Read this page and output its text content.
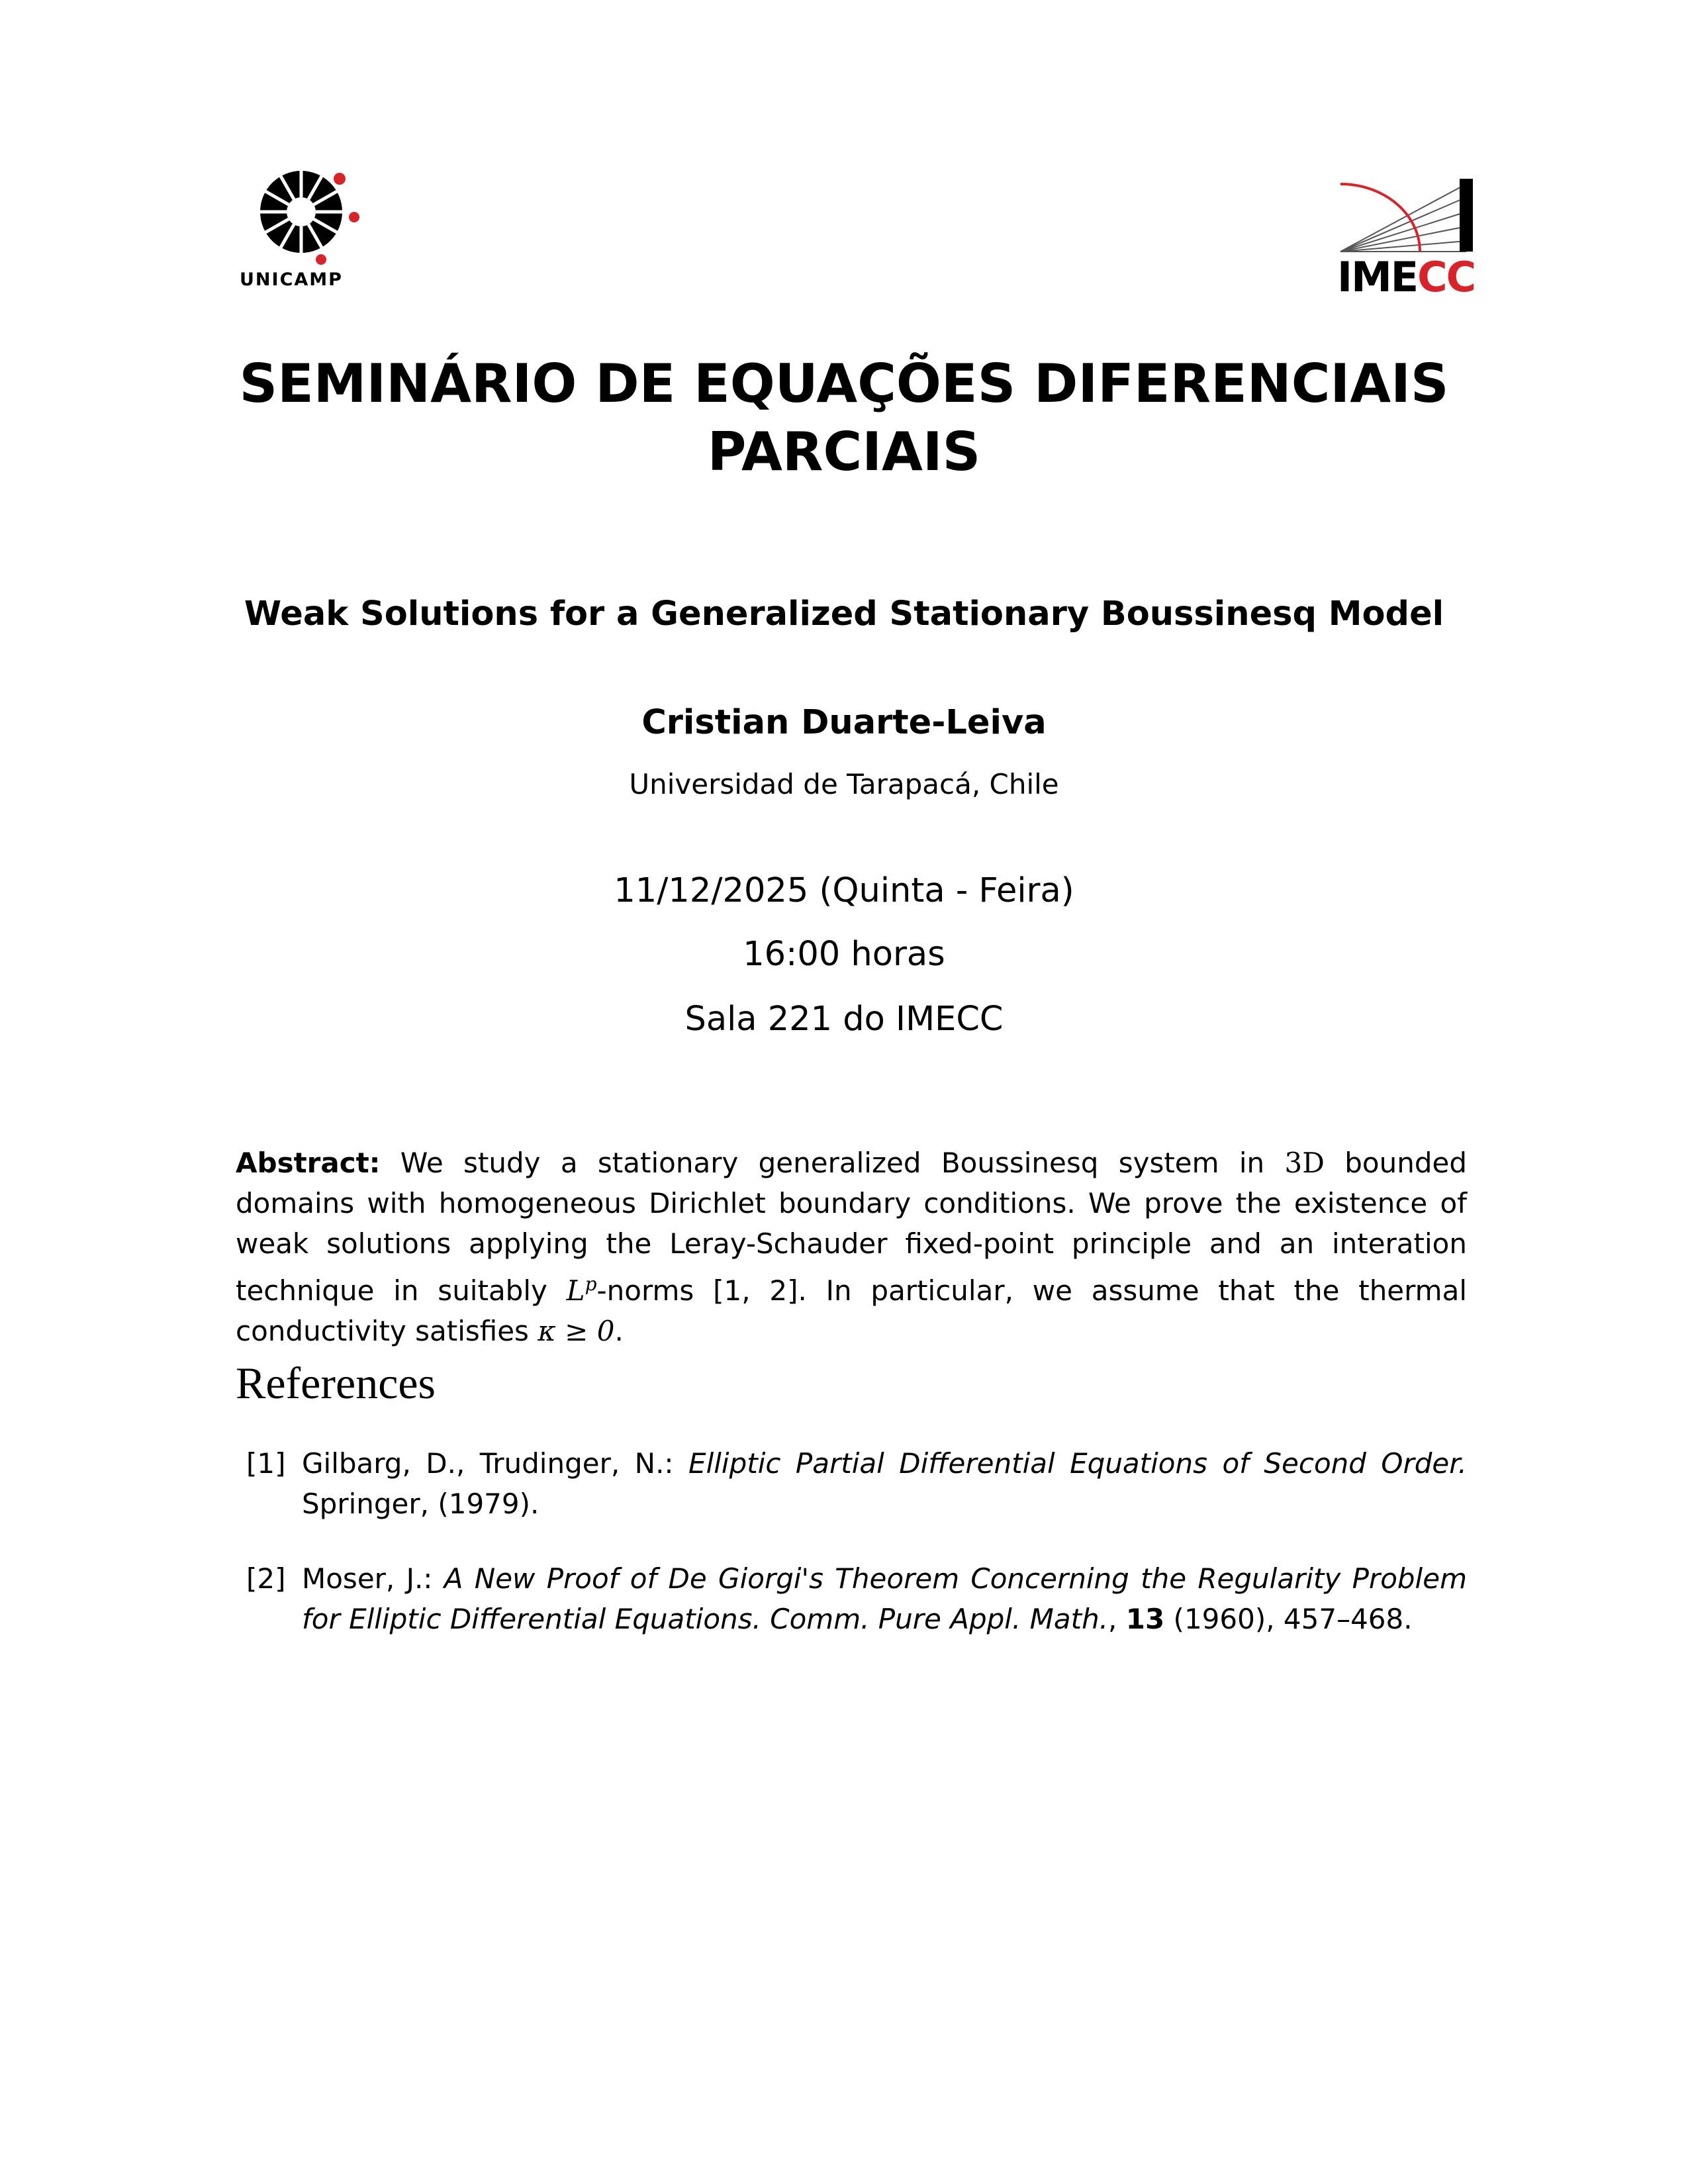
UNICAMP	IMECC
SEMINÁRIO DE EQUAÇÕES DIFERENCIAIS
PARCIAIS
Weak Solutions for a Generalized Stationary Boussinesq Model
Cristian Duarte-Leiva
Universidad de Tarapacá, Chile
11/12/2025 (Quinta - Feira)
16:00 horas
Sala 221 do IMECC
Abstract: We study a stationary generalized Boussinesq system in 3D bounded domains with homogeneous Dirichlet boundary conditions. We prove the existence of weak solutions applying the Leray-Schauder fixed-point principle and an interation technique in suitably $L^p$-norms [1, 2]. In particular, we assume that the thermal conductivity satisfies κ ≥ 0.
References
[1] Gilbarg, D., Trudinger, N.: Elliptic Partial Differential Equations of Second Order. Springer, (1979).
[2] Moser, J.: A New Proof of De Giorgi's Theorem Concerning the Regularity Problem for Elliptic Differential Equations. Comm. Pure Appl. Math., 13 (1960), 457–468.
